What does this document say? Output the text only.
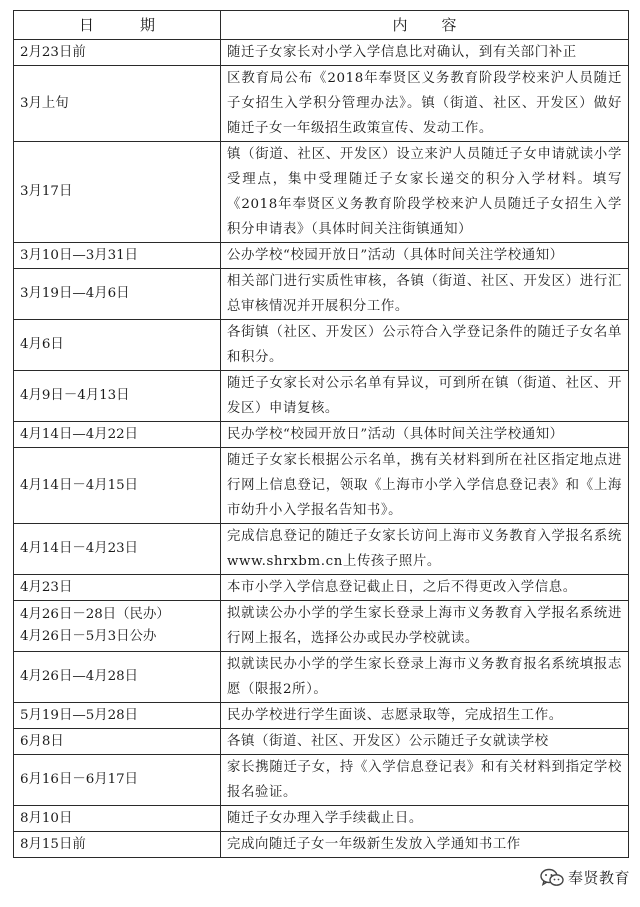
日 期	内 容

2月23日前	随迁子女家长对小学入学信息比对确认，到有关部门补正

3月上旬	区教育局公布《2018年奉贤区义务教育阶段学校来沪人员随迁子女招生入学积分管理办法》。镇（街道、社区、开发区）做好随迁子女一年级招生政策宣传、发动工作。

3月17日	镇（街道、社区、开发区）设立来沪人员随迁子女申请就读小学受理点，集中受理随迁子女家长递交的积分入学材料。填写《2018年奉贤区义务教育阶段学校来沪人员随迁子女招生入学积分申请表》（具体时间关注街镇通知）

3月10日—3月31日	公办学校“校园开放日”活动（具体时间关注学校通知）

3月19日—4月6日	相关部门进行实质性审核，各镇（街道、社区、开发区）进行汇总审核情况并开展积分工作。

4月6日	各街镇（社区、开发区）公示符合入学登记条件的随迁子女名单和积分。

4月9日－4月13日	随迁子女家长对公示名单有异议，可到所在镇（街道、社区、开发区）申请复核。

4月14日—4月22日	民办学校“校园开放日”活动（具体时间关注学校通知）

4月14日－4月15日	随迁子女家长根据公示名单，携有关材料到所在社区指定地点进行网上信息登记，领取《上海市小学入学信息登记表》和《上海市幼升小入学报名告知书》。

4月14日－4月23日	完成信息登记的随迁子女家长访问上海市义务教育入学报名系统www.shrxbm.cn上传孩子照片。

4月23日	本市小学入学信息登记截止日，之后不得更改入学信息。

4月26日－28日（民办）
4月26日－5月3日公办	拟就读公办小学的学生家长登录上海市义务教育入学报名系统进行网上报名，选择公办或民办学校就读。

4月26日—4月28日	拟就读民办小学的学生家长登录上海市义务教育报名系统填报志愿（限报2所）。

5月19日—5月28日	民办学校进行学生面谈、志愿录取等，完成招生工作。

6月8日	各镇（街道、社区、开发区）公示随迁子女就读学校

6月16日－6月17日	家长携随迁子女，持《入学信息登记表》和有关材料到指定学校报名验证。

8月10日	随迁子女办理入学手续截止日。

8月15日前	完成向随迁子女一年级新生发放入学通知书工作
奉贤教育
